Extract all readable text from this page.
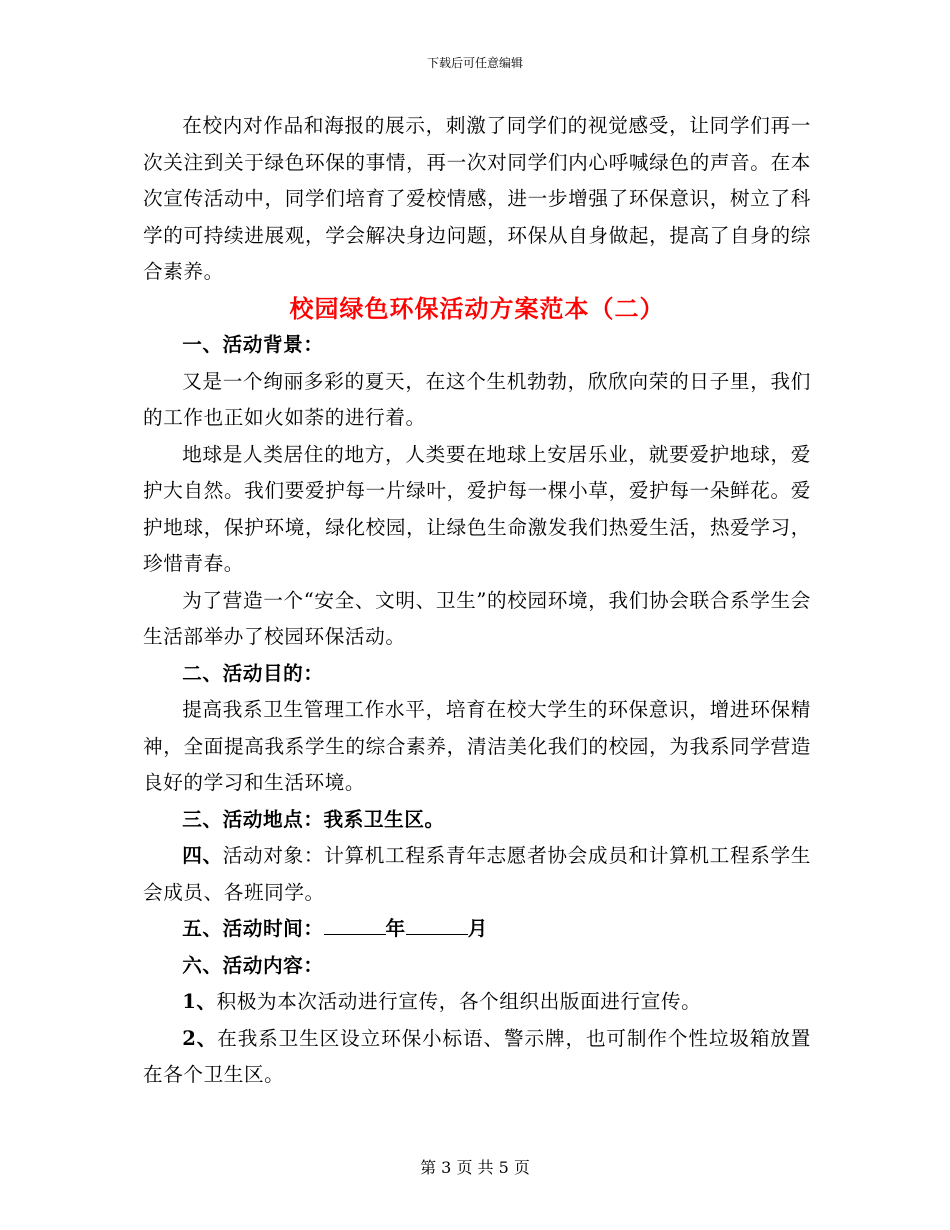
下载后可任意编辑

在校内对作品和海报的展示，刺激了同学们的视觉感受，让同学们再一次关注到关于绿色环保的事情，再一次对同学们内心呼喊绿色的声音。在本次宣传活动中，同学们培育了爱校情感，进一步增强了环保意识，树立了科学的可持续进展观，学会解决身边问题，环保从自身做起，提高了自身的综合素养。

校园绿色环保活动方案范本（二）

一、活动背景：

又是一个绚丽多彩的夏天，在这个生机勃勃，欣欣向荣的日子里，我们的工作也正如火如荼的进行着。

地球是人类居住的地方，人类要在地球上安居乐业，就要爱护地球，爱护大自然。我们要爱护每一片绿叶，爱护每一棵小草，爱护每一朵鲜花。爱护地球，保护环境，绿化校园，让绿色生命激发我们热爱生活，热爱学习，珍惜青春。

为了营造一个“安全、文明、卫生”的校园环境，我们协会联合系学生会生活部举办了校园环保活动。

二、活动目的：

提高我系卫生管理工作水平，培育在校大学生的环保意识，增进环保精神，全面提高我系学生的综合素养，清洁美化我们的校园，为我系同学营造良好的学习和生活环境。

三、活动地点：我系卫生区。

四、活动对象：计算机工程系青年志愿者协会成员和计算机工程系学生会成员、各班同学。

五、活动时间：	年	月

六、活动内容：

1、积极为本次活动进行宣传，各个组织出版面进行宣传。

2、在我系卫生区设立环保小标语、警示牌，也可制作个性垃圾箱放置在各个卫生区。

第 3 页 共 5 页
